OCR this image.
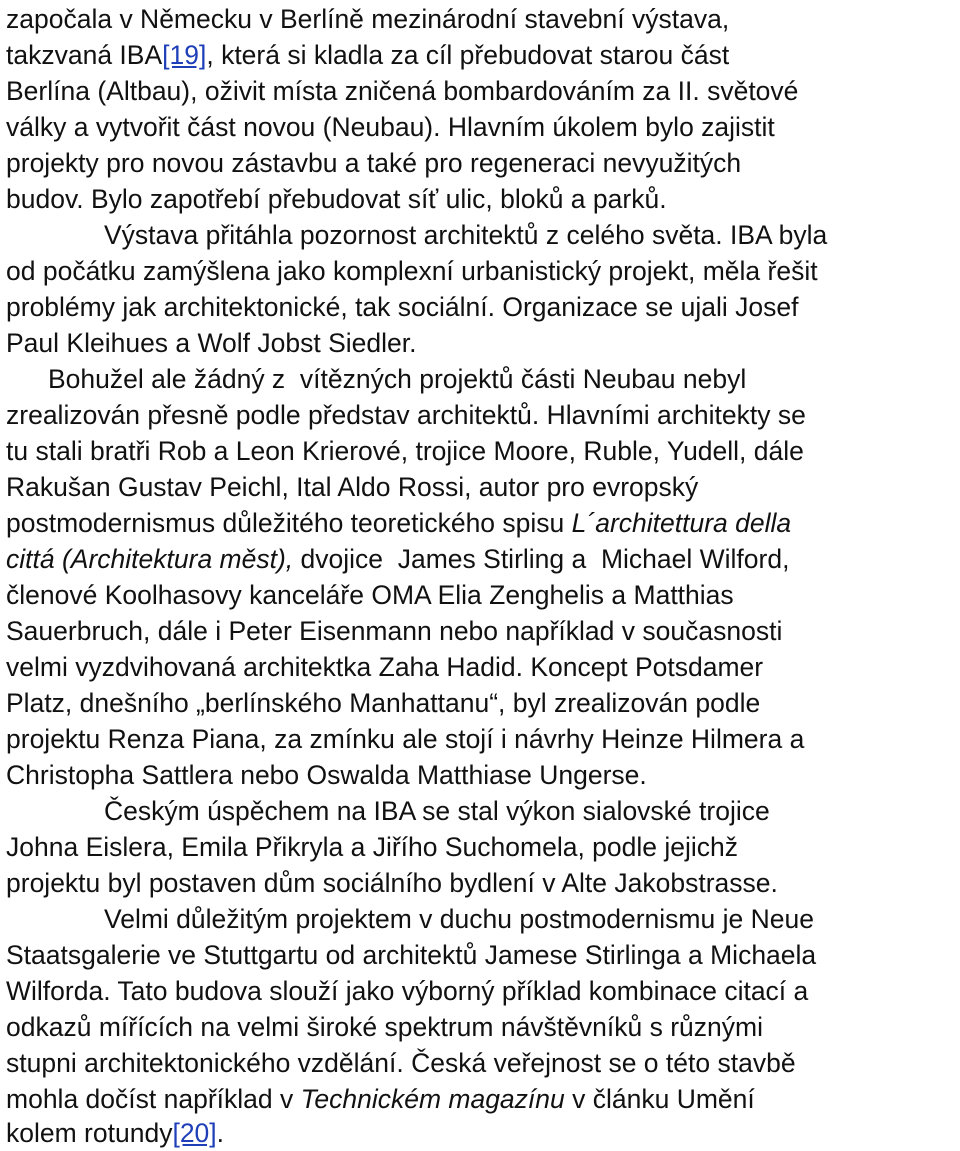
započala v Německu v Berlíně mezinárodní stavební výstava,
takzvaná IBA[19], která si kladla za cíl přebudovat starou část
Berlína (Altbau), oživit místa zničená bombardováním za II. světové
války a vytvořit část novou (Neubau). Hlavním úkolem bylo zajistit
projekty pro novou zástavbu a také pro regeneraci nevyužitých
budov. Bylo zapotřebí přebudovat síť ulic, bloků a parků.
Výstava přitáhla pozornost architektů z celého světa. IBA byla
od počátku zamýšlena jako komplexní urbanistický projekt, měla řešit
problémy jak architektonické, tak sociální. Organizace se ujali Josef
Paul Kleihues a Wolf Jobst Siedler.
Bohužel ale žádný z  vítězných projektů části Neubau nebyl
zrealizován přesně podle představ architektů. Hlavními architekty se
tu stali bratři Rob a Leon Krierové, trojice Moore, Ruble, Yudell, dále
Rakušan Gustav Peichl, Ital Aldo Rossi, autor pro evropský
postmodernismus důležitého teoretického spisu L´architettura della
cittá (Architektura měst), dvojice  James Stirling a  Michael Wilford,
členové Koolhasovy kanceláře OMA Elia Zenghelis a Matthias
Sauerbruch, dále i Peter Eisenmann nebo například v současnosti
velmi vyzdvihovaná architektka Zaha Hadid. Koncept Potsdamer
Platz, dnešního „berlínského Manhattanu“, byl zrealizován podle
projektu Renza Piana, za zmínku ale stojí i návrhy Heinze Hilmera a
Christopha Sattlera nebo Oswalda Matthiase Ungerse.
Českým úspěchem na IBA se stal výkon sialovské trojice
Johna Eislera, Emila Přikryla a Jiřího Suchomela, podle jejichž
projektu byl postaven dům sociálního bydlení v Alte Jakobstrasse.
Velmi důležitým projektem v duchu postmodernismu je Neue
Staatsgalerie ve Stuttgartu od architektů Jamese Stirlinga a Michaela
Wilforda. Tato budova slouží jako výborný příklad kombinace citací a
odkazů mířících na velmi široké spektrum návštěvníků s různými
stupni architektonického vzdělání. Česká veřejnost se o této stavbě
mohla dočíst například v Technickém magazínu v článku Umění
kolem rotundy[20].
